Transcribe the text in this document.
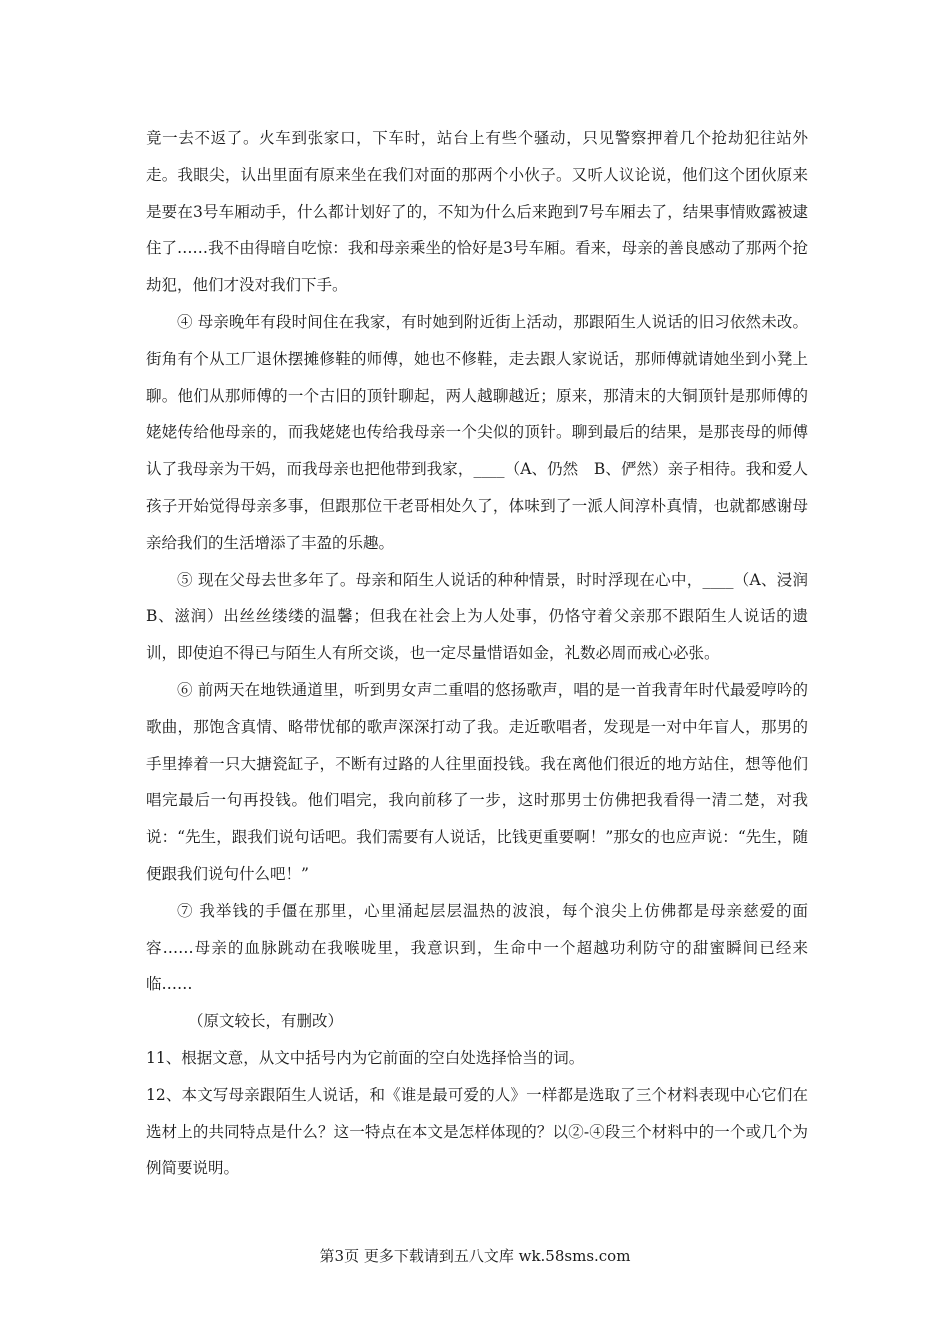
竟一去不返了。火车到张家口，下车时，站台上有些个骚动，只见警察押着几个抢劫犯往站外走。我眼尖，认出里面有原来坐在我们对面的那两个小伙子。又听人议论说，他们这个团伙原来是要在3号车厢动手，什么都计划好了的，不知为什么后来跑到7号车厢去了，结果事情败露被逮住了……我不由得暗自吃惊：我和母亲乘坐的恰好是3号车厢。看来，母亲的善良感动了那两个抢劫犯，他们才没对我们下手。

④ 母亲晚年有段时间住在我家，有时她到附近街上活动，那跟陌生人说话的旧习依然未改。街角有个从工厂退休摆摊修鞋的师傅，她也不修鞋，走去跟人家说话，那师傅就请她坐到小凳上聊。他们从那师傅的一个古旧的顶针聊起，两人越聊越近；原来，那清末的大铜顶针是那师傅的姥姥传给他母亲的，而我姥姥也传给我母亲一个尖似的顶针。聊到最后的结果，是那丧母的师傅认了我母亲为干妈，而我母亲也把他带到我家，____（A、仍然　B、俨然）亲子相待。我和爱人孩子开始觉得母亲多事，但跟那位干老哥相处久了，体味到了一派人间淳朴真情，也就都感谢母亲给我们的生活增添了丰盈的乐趣。

⑤ 现在父母去世多年了。母亲和陌生人说话的种种情景，时时浮现在心中，____（A、浸润　B、滋润）出丝丝缕缕的温馨；但我在社会上为人处事，仍恪守着父亲那不跟陌生人说话的遗训，即使迫不得已与陌生人有所交谈，也一定尽量惜语如金，礼数必周而戒心必张。

⑥ 前两天在地铁通道里，听到男女声二重唱的悠扬歌声，唱的是一首我青年时代最爱哼吟的歌曲，那饱含真情、略带忧郁的歌声深深打动了我。走近歌唱者，发现是一对中年盲人，那男的手里捧着一只大搪瓷缸子，不断有过路的人往里面投钱。我在离他们很近的地方站住，想等他们唱完最后一句再投钱。他们唱完，我向前移了一步，这时那男士仿佛把我看得一清二楚，对我说：“先生，跟我们说句话吧。我们需要有人说话，比钱更重要啊！”那女的也应声说：“先生，随便跟我们说句什么吧！”

⑦ 我举钱的手僵在那里，心里涌起层层温热的波浪，每个浪尖上仿佛都是母亲慈爱的面容……母亲的血脉跳动在我喉咙里，我意识到，生命中一个超越功利防守的甜蜜瞬间已经来临……

（原文较长，有删改）

11、根据文意，从文中括号内为它前面的空白处选择恰当的词。

12、本文写母亲跟陌生人说话，和《谁是最可爱的人》一样都是选取了三个材料表现中心它们在选材上的共同特点是什么？这一特点在本文是怎样体现的？以②-④段三个材料中的一个或几个为例简要说明。

第3页 更多下载请到五八文库 wk.58sms.com
